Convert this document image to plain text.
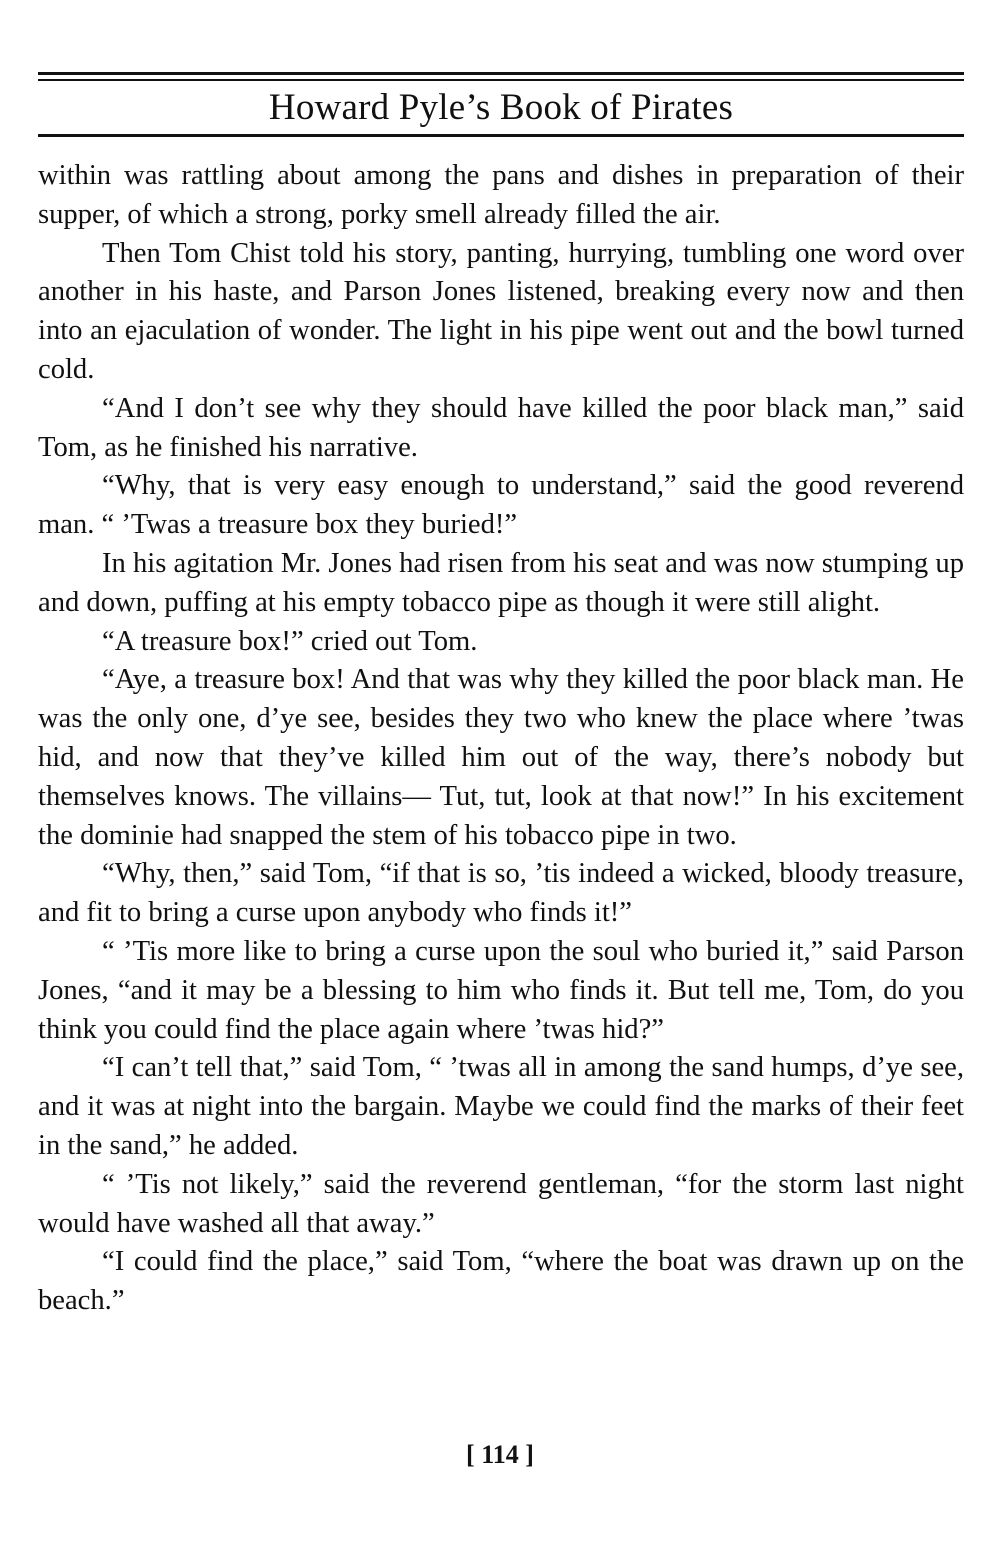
Howard Pyle’s Book of Pirates

within was rattling about among the pans and dishes in preparation of their supper, of which a strong, porky smell already filled the air.

Then Tom Chist told his story, panting, hurrying, tumbling one word over another in his haste, and Parson Jones listened, breaking every now and then into an ejaculation of wonder. The light in his pipe went out and the bowl turned cold.

“And I don’t see why they should have killed the poor black man,” said Tom, as he finished his narrative.

“Why, that is very easy enough to understand,” said the good reverend man. “ ’Twas a treasure box they buried!”

In his agitation Mr. Jones had risen from his seat and was now stumping up and down, puffing at his empty tobacco pipe as though it were still alight.

“A treasure box!” cried out Tom.

“Aye, a treasure box! And that was why they killed the poor black man. He was the only one, d’ye see, besides they two who knew the place where ’twas hid, and now that they’ve killed him out of the way, there’s nobody but themselves knows. The villains— Tut, tut, look at that now!” In his excitement the dominie had snapped the stem of his tobacco pipe in two.

“Why, then,” said Tom, “if that is so, ’tis indeed a wicked, bloody treasure, and fit to bring a curse upon anybody who finds it!”

“ ’Tis more like to bring a curse upon the soul who buried it,” said Parson Jones, “and it may be a blessing to him who finds it. But tell me, Tom, do you think you could find the place again where ’twas hid?”

“I can’t tell that,” said Tom, “ ’twas all in among the sand humps, d’ye see, and it was at night into the bargain. Maybe we could find the marks of their feet in the sand,” he added.

“ ’Tis not likely,” said the reverend gentleman, “for the storm last night would have washed all that away.”

“I could find the place,” said Tom, “where the boat was drawn up on the beach.”

[ 114 ]
